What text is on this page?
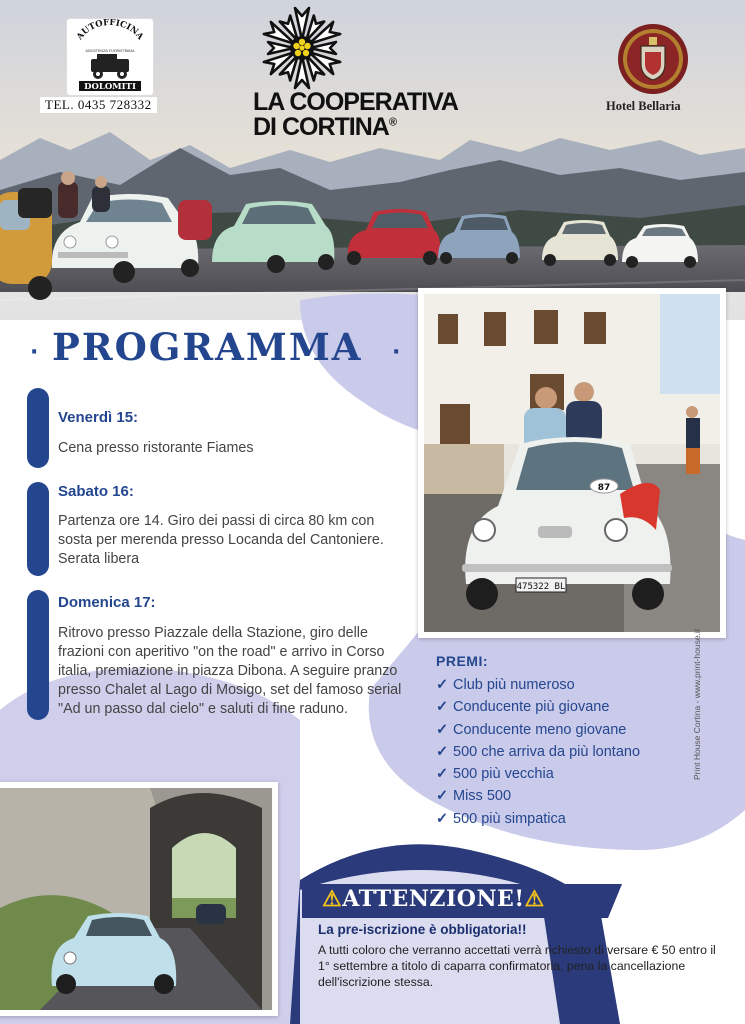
AUTOFFICINA
ASSISTENZA FUORISTRADA
DOLOMITI
TEL. 0435 728332	LA COOPERATIVA
DI CORTINA®
Hotel Bellaria
· PROGRAMMA ·
Venerdì 15:
Cena presso ristorante Fiames
Sabato 16:
Partenza ore 14. Giro dei passi di circa 80 km con sosta per merenda presso Locanda del Cantoniere. Serata libera
Domenica 17:
Ritrovo presso Piazzale della Stazione, giro delle frazioni con aperitivo "on the road" e arrivo in Corso italia, premiazione in piazza Dibona. A seguire pranzo presso Chalet al Lago di Mosigo, set del famoso serial "Ad un passo dal cielo" e saluti di fine raduno.
87
475322 BL
PREMI:
✓ Club più numeroso
✓ Conducente più giovane
✓ Conducente meno giovane
✓ 500 che arriva da più lontano
✓ 500 più vecchia
✓ Miss 500
✓ 500 più simpatica
Print House Cortina - www.print-house.it
⚠ATTENZIONE!⚠
La pre-iscrizione è obbligatoria!!
A tutti coloro che verranno accettati verrà richiesto di versare € 50 entro il 1° settembre a titolo di caparra confirmatoria, pena la cancellazione dell'iscrizione stessa.
